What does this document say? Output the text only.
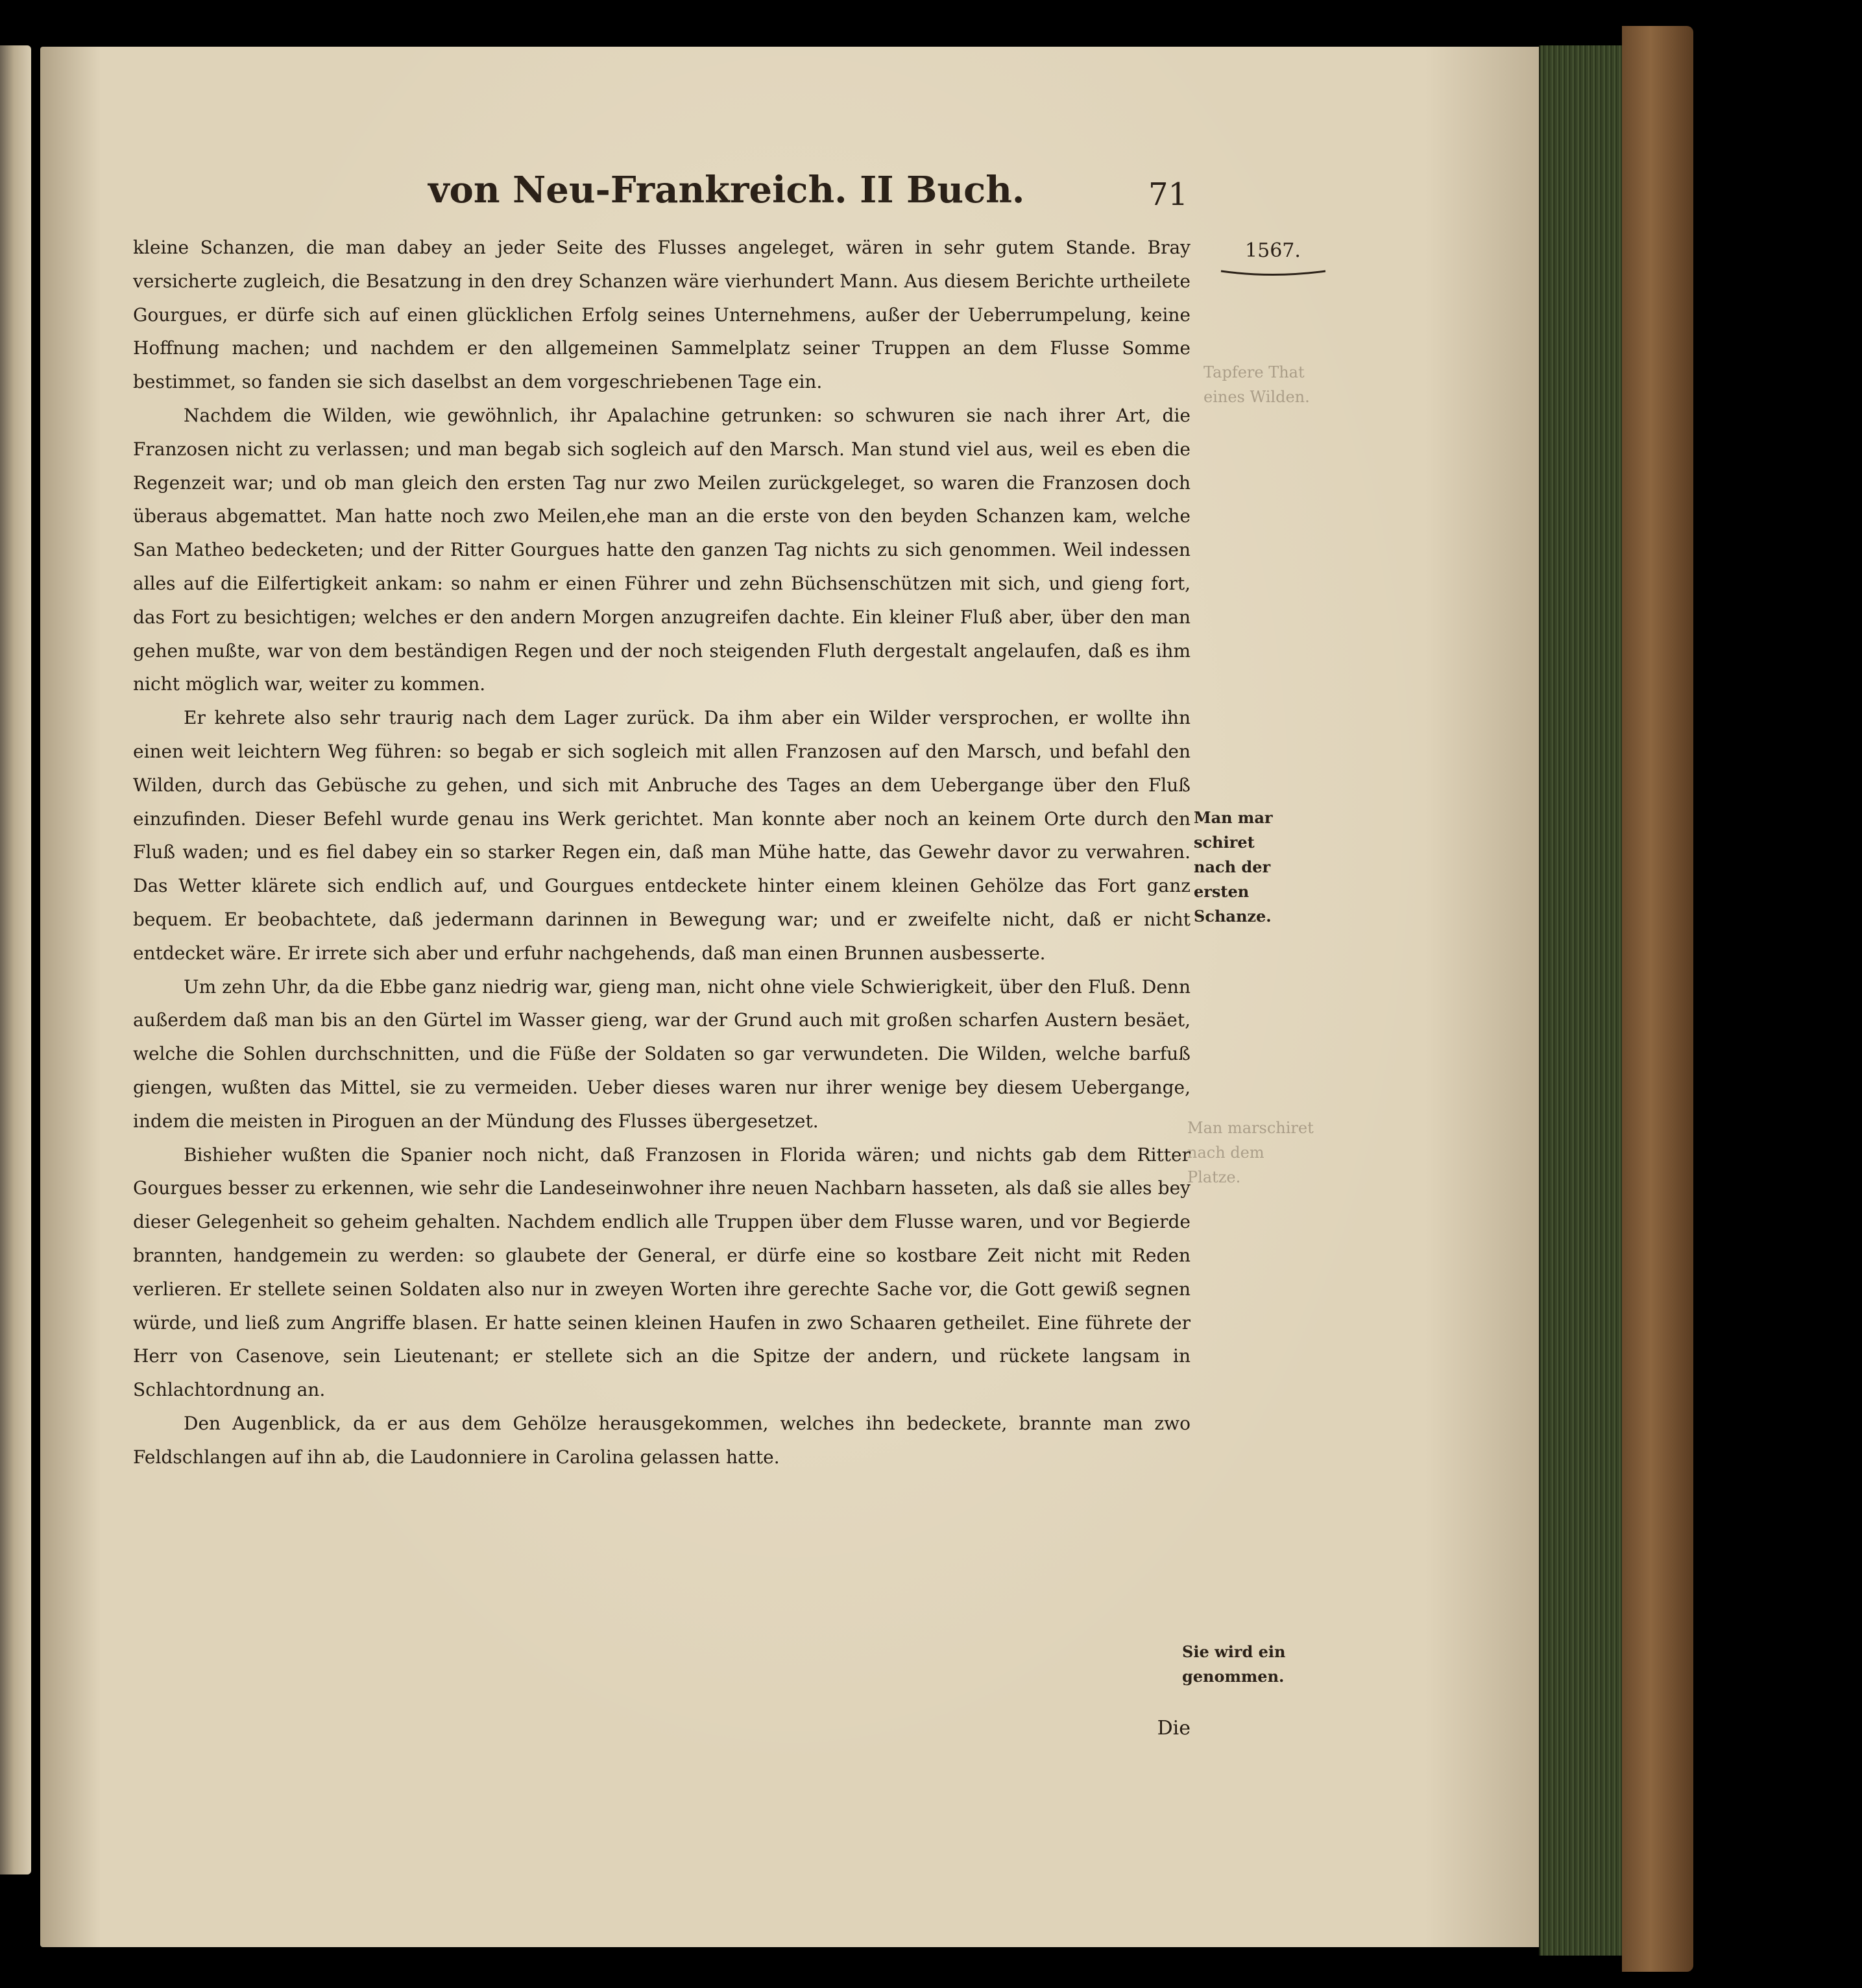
von Neu-Frankreich. II Buch.	71
1567.
Tapfere That eines Wilden.
Man marschiret nach dem Platze.

kleine Schanzen, die man dabey an jeder Seite des Flusses angeleget, wären in sehr gutem Stande. Bray versicherte zugleich, die Besatzung in den drey Schanzen wäre vierhundert Mann. Aus diesem Berichte urtheilete Gourgues, er dürfe sich auf einen glücklichen Erfolg seines Unternehmens, außer der Ueberrumpelung, keine Hoffnung machen; und nachdem er den allgemeinen Sammelplatz seiner Truppen an dem Flusse Somme bestimmet, so fanden sie sich daselbst an dem vorgeschriebenen Tage ein.

Nachdem die Wilden, wie gewöhnlich, ihr Apalachine getrunken: so schwuren sie nach ihrer Art, die Franzosen nicht zu verlassen; und man begab sich sogleich auf den Marsch. Man stund viel aus, weil es eben die Regenzeit war; und ob man gleich den ersten Tag nur zwo Meilen zurückgeleget, so waren die Franzosen doch überaus abgemattet. Man hatte noch zwo Meilen,ehe man an die erste von den beyden Schanzen kam, welche San Matheo bedecketen; und der Ritter Gourgues hatte den ganzen Tag nichts zu sich genommen. Weil indessen alles auf die Eilfertigkeit ankam: so nahm er einen Führer und zehn Büchsenschützen mit sich, und gieng fort, das Fort zu besichtigen; welches er den andern Morgen anzugreifen dachte. Ein kleiner Fluß aber, über den man gehen mußte, war von dem beständigen Regen und der noch steigenden Fluth dergestalt angelaufen, daß es ihm nicht möglich war, weiter zu kommen.

Er kehrete also sehr traurig nach dem Lager zurück. Da ihm aber ein Wilder versprochen, er wollte ihn einen weit leichtern Weg führen: so begab er sich sogleich mit allen Franzosen auf den Marsch, und befahl den Wilden, durch das Gebüsche zu gehen, und sich mit Anbruche des Tages an dem Uebergange über den Fluß einzufinden. Dieser Befehl wurde genau ins Werk gerichtet. Man konnte aber noch an keinem Orte durch den Fluß waden; und es fiel dabey ein so starker Regen ein, daß man Mühe hatte, das Gewehr davor zu verwahren. Das Wetter klärete sich endlich auf, und Gourgues entdeckete hinter einem kleinen Gehölze das Fort ganz bequem. Er beobachtete, daß jedermann darinnen in Bewegung war; und er zweifelte nicht, daß er nicht entdecket wäre. Er irrete sich aber und erfuhr nachgehends, daß man einen Brunnen ausbesserte.

Um zehn Uhr, da die Ebbe ganz niedrig war, gieng man, nicht ohne viele Schwierigkeit, über den Fluß. Denn außerdem daß man bis an den Gürtel im Wasser gieng, war der Grund auch mit großen scharfen Austern besäet, welche die Sohlen durchschnitten, und die Füße der Soldaten so gar verwundeten. Die Wilden, welche barfuß giengen, wußten das Mittel, sie zu vermeiden. Ueber dieses waren nur ihrer wenige bey diesem Uebergange, indem die meisten in Piroguen an der Mündung des Flusses übergesetzet.

Bishieher wußten die Spanier noch nicht, daß Franzosen in Florida wären; und nichts gab dem Ritter Gourgues besser zu erkennen, wie sehr die Landeseinwohner ihre neuen Nachbarn hasseten, als daß sie alles bey dieser Gelegenheit so geheim gehalten. Nachdem endlich alle Truppen über dem Flusse waren, und vor Begierde brannten, handgemein zu werden: so glaubete der General, er dürfe eine so kostbare Zeit nicht mit Reden verlieren. Er stellete seinen Soldaten also nur in zweyen Worten ihre gerechte Sache vor, die Gott gewiß segnen würde, und ließ zum Angriffe blasen. Er hatte seinen kleinen Haufen in zwo Schaaren getheilet. Eine führete der Herr von Casenove, sein Lieutenant; er stellete sich an die Spitze der andern, und rückete langsam in Schlachtordnung an.

Den Augenblick, da er aus dem Gehölze herausgekommen, welches ihn bedeckete, brannte man zwo Feldschlangen auf ihn ab, die Laudonniere in Carolina gelassen hatte.

Die
Man mar schiret nach der ersten Schanze.
Sie wird ein genommen.
